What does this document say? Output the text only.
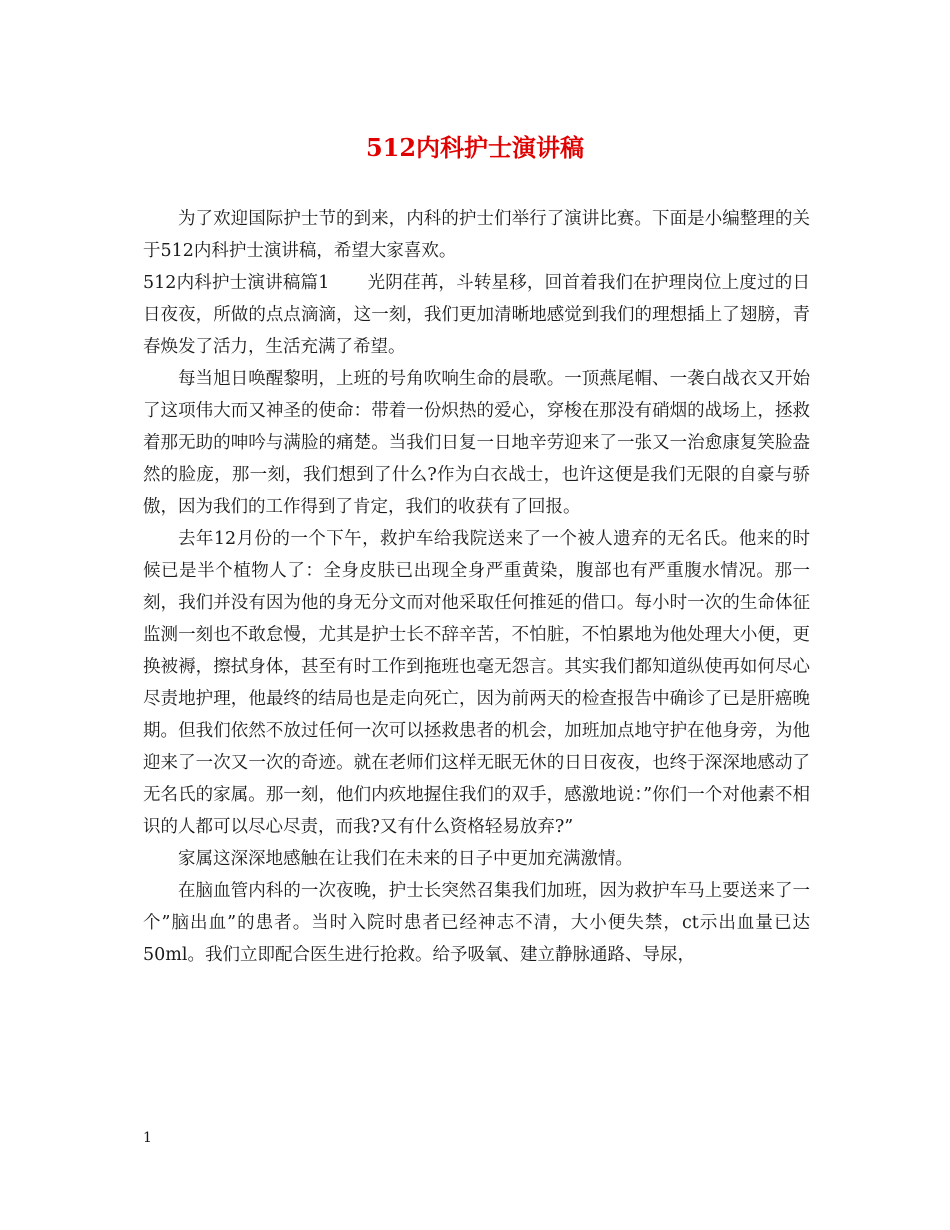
512内科护士演讲稿

为了欢迎国际护士节的到来，内科的护士们举行了演讲比赛。下面是小编整理的关于512内科护士演讲稿，希望大家喜欢。

512内科护士演讲稿篇1 光阴荏苒，斗转星移，回首着我们在护理岗位上度过的日日夜夜，所做的点点滴滴，这一刻，我们更加清晰地感觉到我们的理想插上了翅膀，青春焕发了活力，生活充满了希望。

每当旭日唤醒黎明，上班的号角吹响生命的晨歌。一顶燕尾帽、一袭白战衣又开始了这项伟大而又神圣的使命：带着一份炽热的爱心，穿梭在那没有硝烟的战场上，拯救着那无助的呻吟与满脸的痛楚。当我们日复一日地辛劳迎来了一张又一治愈康复笑脸盎然的脸庞，那一刻，我们想到了什么?作为白衣战士，也许这便是我们无限的自豪与骄傲，因为我们的工作得到了肯定，我们的收获有了回报。

去年12月份的一个下午，救护车给我院送来了一个被人遗弃的无名氏。他来的时候已是半个植物人了：全身皮肤已出现全身严重黄染，腹部也有严重腹水情况。那一刻，我们并没有因为他的身无分文而对他采取任何推延的借口。每小时一次的生命体征监测一刻也不敢怠慢，尤其是护士长不辞辛苦，不怕脏，不怕累地为他处理大小便，更换被褥，擦拭身体，甚至有时工作到拖班也毫无怨言。其实我们都知道纵使再如何尽心尽责地护理，他最终的结局也是走向死亡，因为前两天的检查报告中确诊了已是肝癌晚期。但我们依然不放过任何一次可以拯救患者的机会，加班加点地守护在他身旁，为他迎来了一次又一次的奇迹。就在老师们这样无眠无休的日日夜夜，也终于深深地感动了无名氏的家属。那一刻，他们内疚地握住我们的双手，感激地说：”你们一个对他素不相识的人都可以尽心尽责，而我?又有什么资格轻易放弃?”

家属这深深地感触在让我们在未来的日子中更加充满激情。

在脑血管内科的一次夜晚，护士长突然召集我们加班，因为救护车马上要送来了一个”脑出血”的患者。当时入院时患者已经神志不清，大小便失禁，ct示出血量已达50ml。我们立即配合医生进行抢救。给予吸氧、建立静脉通路、导尿，

1
